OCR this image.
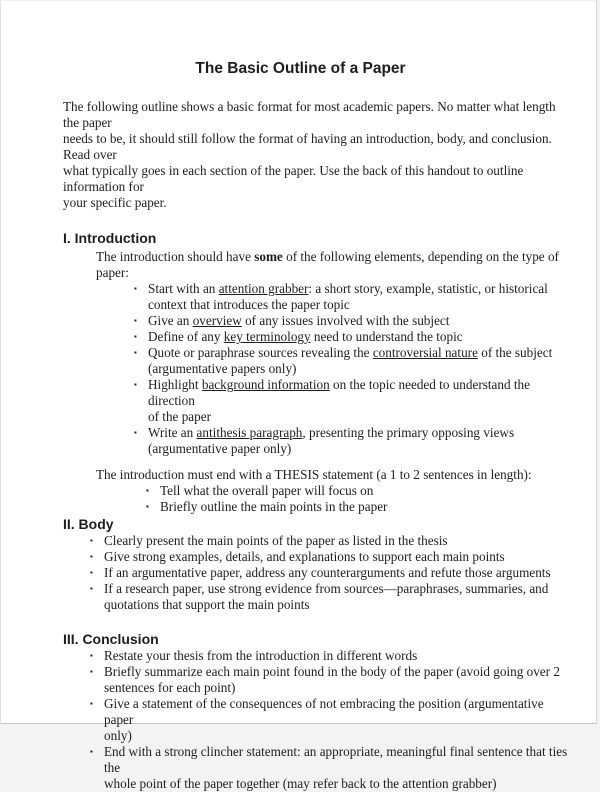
The Basic Outline of a Paper
The following outline shows a basic format for most academic papers. No matter what length the paper
needs to be, it should still follow the format of having an introduction, body, and conclusion. Read over
what typically goes in each section of the paper. Use the back of this handout to outline information for
your specific paper.
I. Introduction
The introduction should have some of the following elements, depending on the type of paper:
▪ Start with an attention grabber: a short story, example, statistic, or historical
context that introduces the paper topic
▪ Give an overview of any issues involved with the subject
▪ Define of any key terminology need to understand the topic
▪ Quote or paraphrase sources revealing the controversial nature of the subject
(argumentative papers only)
▪ Highlight background information on the topic needed to understand the direction
of the paper
▪ Write an antithesis paragraph, presenting the primary opposing views
(argumentative paper only)
The introduction must end with a THESIS statement (a 1 to 2 sentences in length):
▪ Tell what the overall paper will focus on
▪ Briefly outline the main points in the paper
II. Body
▪ Clearly present the main points of the paper as listed in the thesis
▪ Give strong examples, details, and explanations to support each main points
▪ If an argumentative paper, address any counterarguments and refute those arguments
▪ If a research paper, use strong evidence from sources—paraphrases, summaries, and
quotations that support the main points
III. Conclusion
▪ Restate your thesis from the introduction in different words
▪ Briefly summarize each main point found in the body of the paper (avoid going over 2
sentences for each point)
▪ Give a statement of the consequences of not embracing the position (argumentative paper
only)
▪ End with a strong clincher statement: an appropriate, meaningful final sentence that ties the
whole point of the paper together (may refer back to the attention grabber)
